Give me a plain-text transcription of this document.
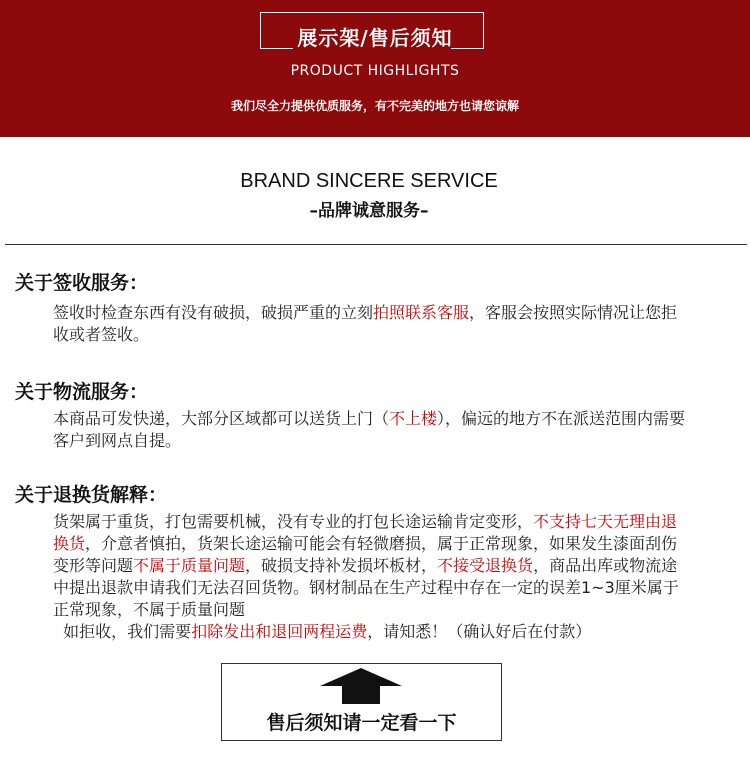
展示架/售后须知
PRODUCT HIGHLIGHTS
我们尽全力提供优质服务，有不完美的地方也请您谅解
BRAND SINCERE SERVICE
–品牌诚意服务–
关于签收服务：
签收时检查东西有没有破损，破损严重的立刻拍照联系客服，客服会按照实际情况让您拒收或者签收。
关于物流服务：
本商品可发快递，大部分区域都可以送货上门（不上楼），偏远的地方不在派送范围内需要客户到网点自提。
关于退换货解释：
货架属于重货，打包需要机械，没有专业的打包长途运输肯定变形，不支持七天无理由退换货，介意者慎拍，货架长途运输可能会有轻微磨损，属于正常现象，如果发生漆面刮伤变形等问题不属于质量问题，破损支持补发损坏板材，不接受退换货，商品出库或物流途中提出退款申请我们无法召回货物。钢材制品在生产过程中存在一定的误差1~3厘米属于正常现象，不属于质量问题
如拒收，我们需要扣除发出和退回两程运费，请知悉！（确认好后在付款）
售后须知请一定看一下
